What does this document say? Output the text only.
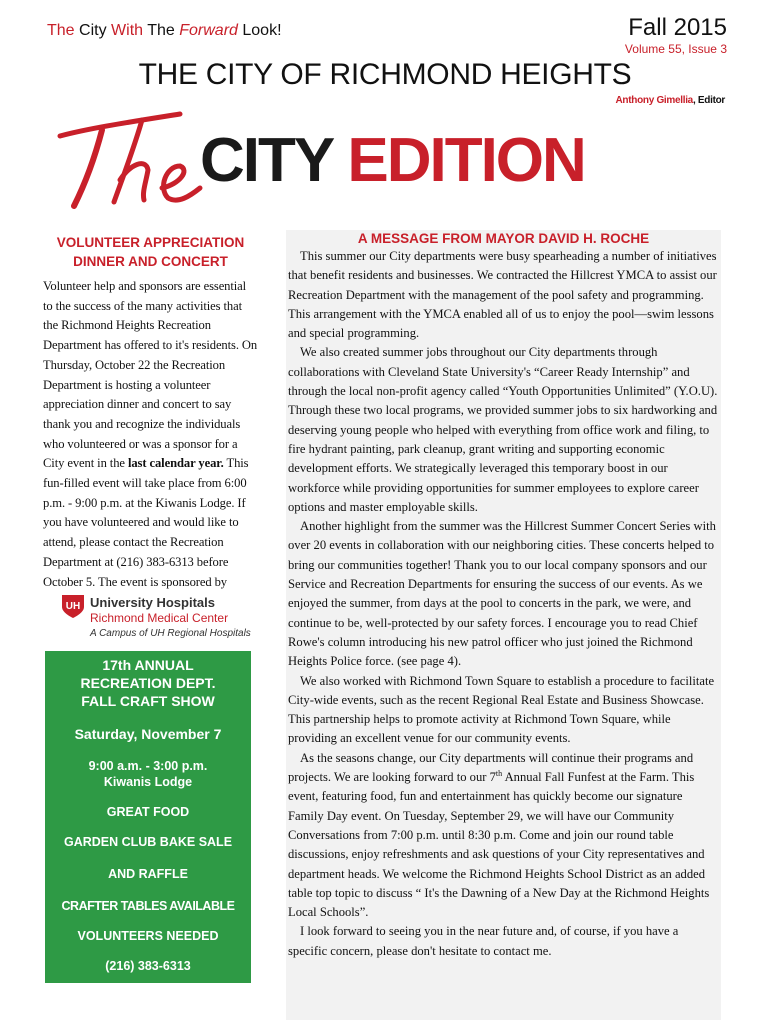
The City With The Forward Look!	Fall 2015
Volume 55, Issue 3
THE CITY OF RICHMOND HEIGHTS
Anthony Gimellia, Editor
CITY EDITION
VOLUNTEER APPRECIATION
DINNER AND CONCERT

Volunteer help and sponsors are essential to the success of the many activities that the Richmond Heights Recreation Department has offered to it's residents. On Thursday, October 22 the Recreation Department is hosting a volunteer appreciation dinner and concert to say thank you and recognize the individuals who volunteered or was a sponsor for a City event in the last calendar year. This fun-filled event will take place from 6:00 p.m. - 9:00 p.m. at the Kiwanis Lodge. If you have volunteered and would like to attend, please contact the Recreation Department at (216) 383-6313 before October 5. The event is sponsored by

UH University Hospitals
Richmond Medical Center
A Campus of UH Regional Hospitals
17th ANNUAL
RECREATION DEPT.
FALL CRAFT SHOW
Saturday, November 7
9:00 a.m. - 3:00 p.m.
Kiwanis Lodge
GREAT FOOD
GARDEN CLUB BAKE SALE
AND RAFFLE
CRAFTER TABLES AVAILABLE
VOLUNTEERS NEEDED
(216) 383-6313
A MESSAGE FROM MAYOR DAVID H. ROCHE

This summer our City departments were busy spearheading a number of initiatives that benefit residents and businesses. We contracted the Hillcrest YMCA to assist our Recreation Department with the management of the pool safety and programming. This arrangement with the YMCA enabled all of us to enjoy the pool—swim lessons and special programming.

We also created summer jobs throughout our City departments through collaborations with Cleveland State University's “Career Ready Internship” and through the local non-profit agency called “Youth Opportunities Unlimited” (Y.O.U). Through these two local programs, we provided summer jobs to six hardworking and deserving young people who helped with everything from office work and filing, to fire hydrant painting, park cleanup, grant writing and supporting economic development efforts. We strategically leveraged this temporary boost in our workforce while providing opportunities for summer employees to explore career options and master employable skills.

Another highlight from the summer was the Hillcrest Summer Concert Series with over 20 events in collaboration with our neighboring cities. These concerts helped to bring our communities together! Thank you to our local company sponsors and our Service and Recreation Departments for ensuring the success of our events. As we enjoyed the summer, from days at the pool to concerts in the park, we were, and continue to be, well-protected by our safety forces. I encourage you to read Chief Rowe's column introducing his new patrol officer who just joined the Richmond Heights Police force. (see page 4).

We also worked with Richmond Town Square to establish a procedure to facilitate City-wide events, such as the recent Regional Real Estate and Business Showcase. This partnership helps to promote activity at Richmond Town Square, while providing an excellent venue for our community events.

As the seasons change, our City departments will continue their programs and projects. We are looking forward to our 7th Annual Fall Funfest at the Farm. This event, featuring food, fun and entertainment has quickly become our signature Family Day event. On Tuesday, September 29, we will have our Community Conversations from 7:00 p.m. until 8:30 p.m. Come and join our round table discussions, enjoy refreshments and ask questions of your City representatives and department heads. We welcome the Richmond Heights School District as an added table top topic to discuss “ It's the Dawning of a New Day at the Richmond Heights Local Schools”.

I look forward to seeing you in the near future and, of course, if you have a specific concern, please don't hesitate to contact me.
